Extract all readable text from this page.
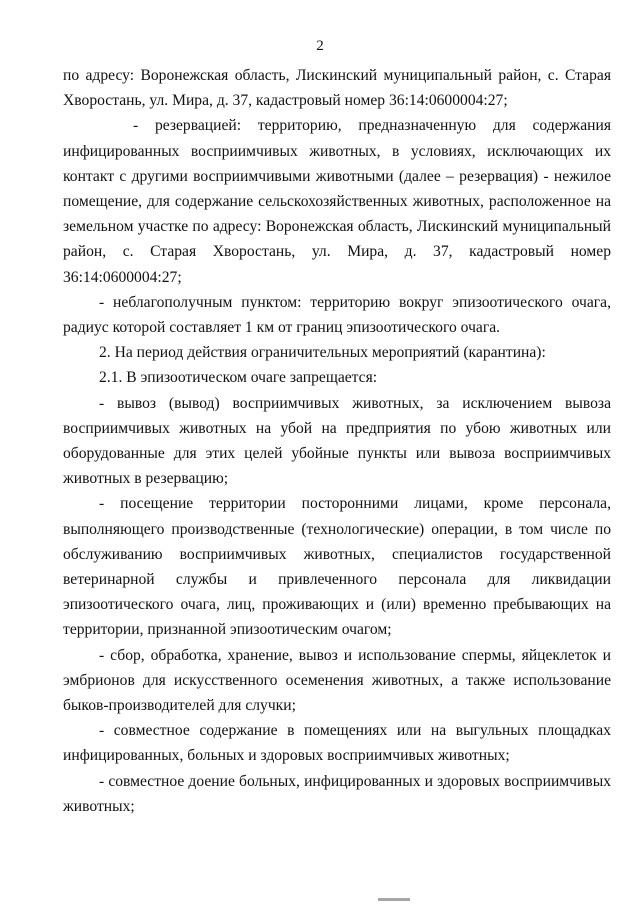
2

по адресу: Воронежская область, Лискинский муниципальный район, с. Старая Хворостань, ул. Мира, д. 37, кадастровый номер 36:14:0600004:27;

- резервацией: территорию, предназначенную для содержания инфицированных восприимчивых животных, в условиях, исключающих их контакт с другими восприимчивыми животными (далее – резервация) - нежилое помещение, для содержание сельскохозяйственных животных, расположенное на земельном участке по адресу: Воронежская область, Лискинский муниципальный район, с. Старая Хворостань, ул. Мира, д. 37, кадастровый номер 36:14:0600004:27;

- неблагополучным пунктом: территорию вокруг эпизоотического очага, радиус которой составляет 1 км от границ эпизоотического очага.

2. На период действия ограничительных мероприятий (карантина):

2.1. В эпизоотическом очаге запрещается:

- вывоз (вывод) восприимчивых животных, за исключением вывоза восприимчивых животных на убой на предприятия по убою животных или оборудованные для этих целей убойные пункты или вывоза восприимчивых животных в резервацию;

- посещение территории посторонними лицами, кроме персонала, выполняющего производственные (технологические) операции, в том числе по обслуживанию восприимчивых животных, специалистов государственной ветеринарной службы и привлеченного персонала для ликвидации эпизоотического очага, лиц, проживающих и (или) временно пребывающих на территории, признанной эпизоотическим очагом;

- сбор, обработка, хранение, вывоз и использование спермы, яйцеклеток и эмбрионов для искусственного осеменения животных, а также использование быков-производителей для случки;

- совместное содержание в помещениях или на выгульных площадках инфицированных, больных и здоровых восприимчивых животных;

- совместное доение больных, инфицированных и здоровых восприимчивых животных;
